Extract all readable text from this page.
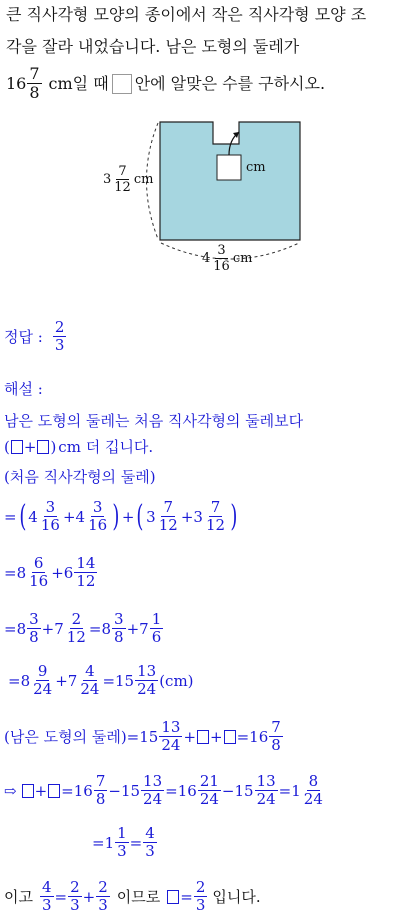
큰 직사각형 모양의 종이에서 작은 직사각형 모양 조
각을 잘라 내었습니다. 남은 도형의 둘레가
$16 \frac{7}{8}$ cm일 때 안에 알맞은 수를 구하시오.
cm
$3 \frac{7}{12}$ cm
$4 \frac{3}{16}$ cm
정답 : $\frac{2}{3}$
해설 :
남은 도형의 둘레는 처음 직사각형의 둘레보다
( + ) cm 더 깁니다.
(처음 직사각형의 둘레)
= ( $4 \frac{3}{16} + 4 \frac{3}{16}$ ) + ( $3 \frac{7}{12} + 3 \frac{7}{12}$ )
= $8 \frac{6}{16} + 6 \frac{14}{12}$
= $8 \frac{3}{8} + 7 \frac{2}{12} = 8 \frac{3}{8} + 7 \frac{1}{6}$
= $8 \frac{9}{24} + 7 \frac{4}{24} = 15 \frac{13}{24} (cm)$
(남은 도형의 둘레) = $15 \frac{13}{24}$ + + = $16 \frac{7}{8}$
⇨ + = $16 \frac{7}{8} - 15 \frac{13}{24} = 16 \frac{21}{24} - 15 \frac{13}{24} = 1 \frac{8}{24}$
= $1 \frac{1}{3} = \frac{4}{3}$
이고 $\frac{4}{3} = \frac{2}{3} + \frac{2}{3}$ 이므로 = $\frac{2}{3}$ 입니다.
